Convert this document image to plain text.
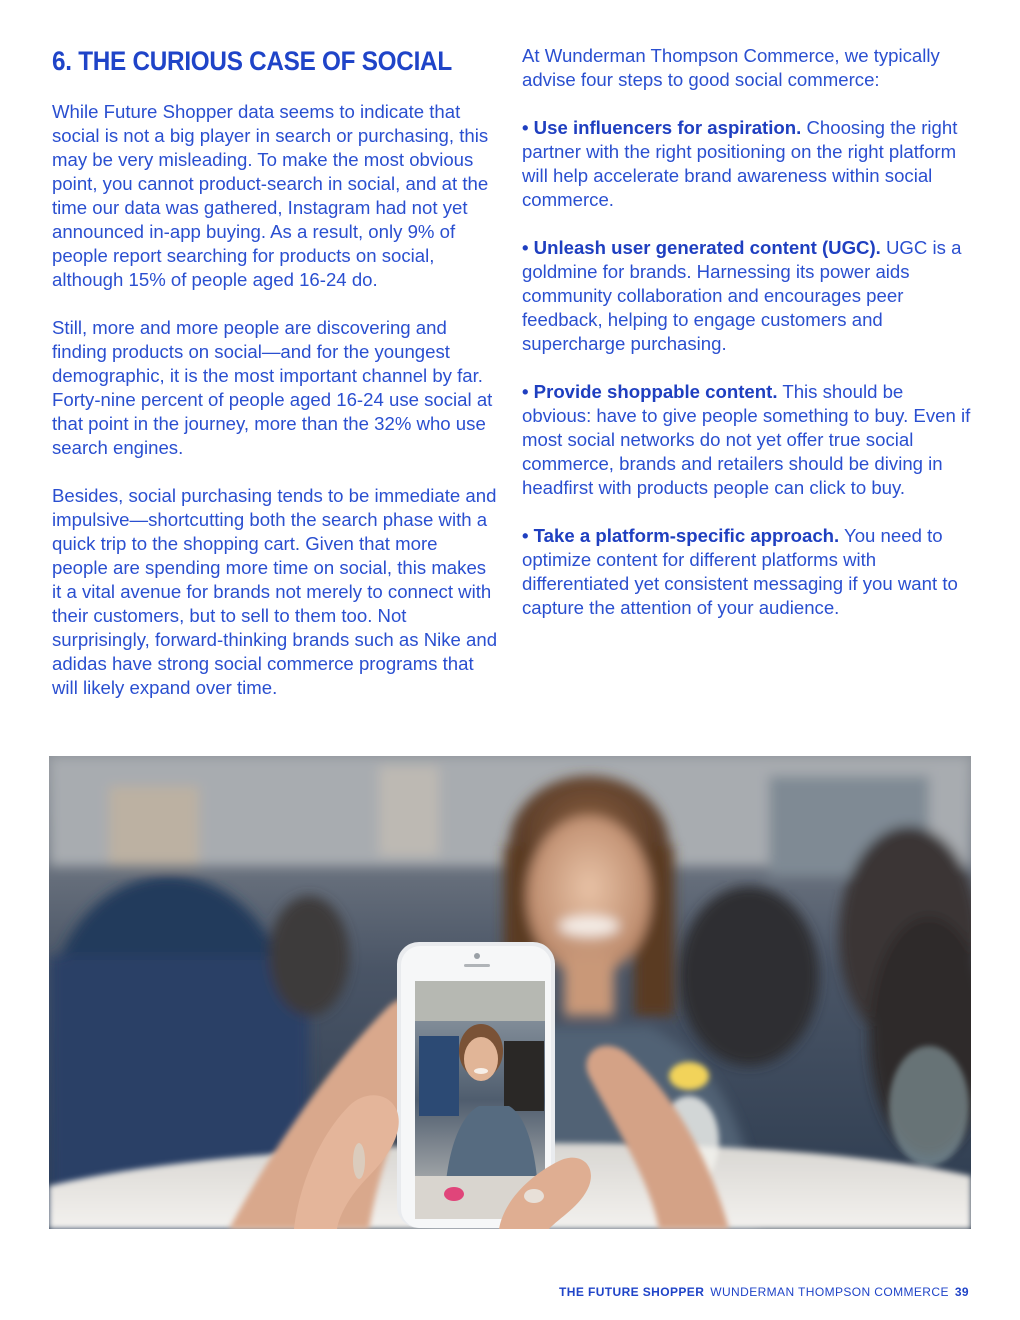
6. THE CURIOUS CASE OF SOCIAL

While Future Shopper data seems to indicate that social is not a big player in search or purchasing, this may be very misleading. To make the most obvious point, you cannot product-search in social, and at the time our data was gathered, Instagram had not yet announced in-app buying. As a result, only 9% of people report searching for products on social, although 15% of people aged 16-24 do.

Still, more and more people are discovering and finding products on social—and for the youngest demographic, it is the most important channel by far. Forty-nine percent of people aged 16-24 use social at that point in the journey, more than the 32% who use search engines.

Besides, social purchasing tends to be immediate and impulsive—shortcutting both the search phase with a quick trip to the shopping cart. Given that more people are spending more time on social, this makes it a vital avenue for brands not merely to connect with their customers, but to sell to them too. Not surprisingly, forward-thinking brands such as Nike and adidas have strong social commerce programs that will likely expand over time.

At Wunderman Thompson Commerce, we typically advise four steps to good social commerce:

• Use influencers for aspiration. Choosing the right partner with the right positioning on the right platform will help accelerate brand awareness within social commerce.

• Unleash user generated content (UGC). UGC is a goldmine for brands. Harnessing its power aids community collaboration and encourages peer feedback, helping to engage customers and supercharge purchasing.

• Provide shoppable content. This should be obvious: have to give people something to buy. Even if most social networks do not yet offer true social commerce, brands and retailers should be diving in headfirst with products people can click to buy.

• Take a platform-specific approach. You need to optimize content for different platforms with differentiated yet consistent messaging if you want to capture the attention of your audience.

THE FUTURE SHOPPER WUNDERMAN THOMPSON COMMERCE 39
